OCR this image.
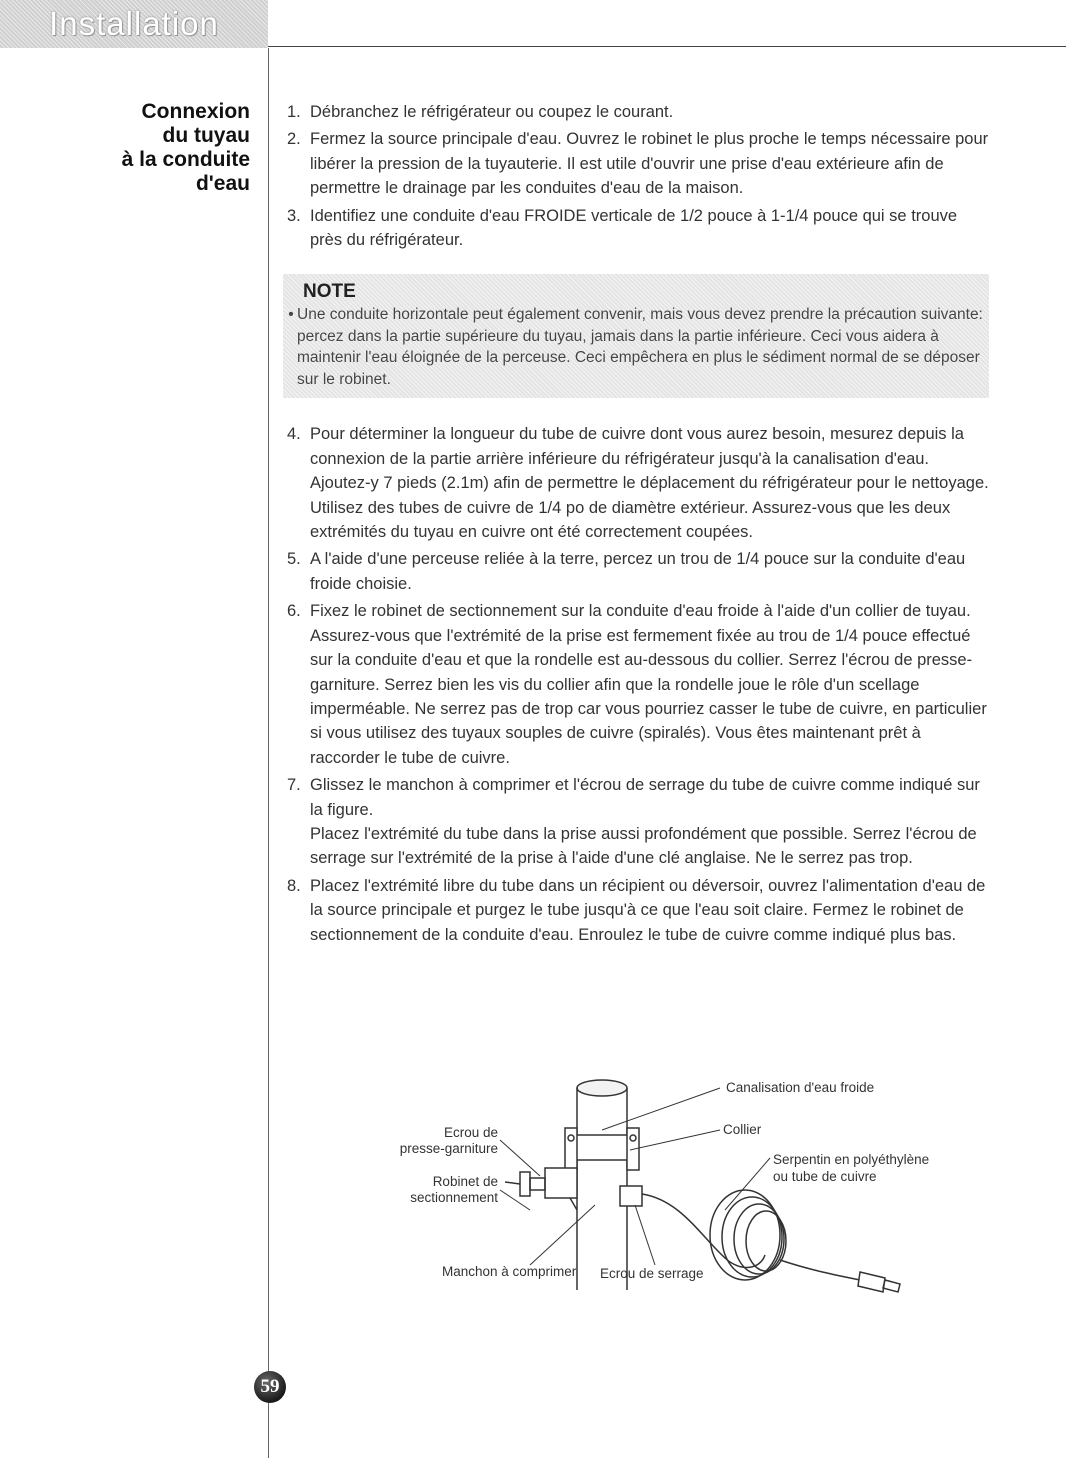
Installation
Connexion
du tuyau
à la conduite
d'eau
1. Débranchez le réfrigérateur ou coupez le courant.
2. Fermez la source principale d'eau. Ouvrez le robinet le plus proche le temps nécessaire pour libérer la pression de la tuyauterie. Il est utile d'ouvrir une prise d'eau extérieure afin de permettre le drainage par les conduites d'eau de la maison.
3. Identifiez une conduite d'eau FROIDE verticale de 1/2 pouce à 1-1/4 pouce qui se trouve près du réfrigérateur.
NOTE
• Une conduite horizontale peut également convenir, mais vous devez prendre la précaution suivante: percez dans la partie supérieure du tuyau, jamais dans la partie inférieure. Ceci vous aidera à maintenir l'eau éloignée de la perceuse. Ceci empêchera en plus le sédiment normal de se déposer sur le robinet.
4. Pour déterminer la longueur du tube de cuivre dont vous aurez besoin, mesurez depuis la connexion de la partie arrière inférieure du réfrigérateur jusqu'à la canalisation d'eau. Ajoutez-y 7 pieds (2.1m) afin de permettre le déplacement du réfrigérateur pour le nettoyage. Utilisez des tubes de cuivre de 1/4 po de diamètre extérieur. Assurez-vous que les deux extrémités du tuyau en cuivre ont été correctement coupées.
5. A l'aide d'une perceuse reliée à la terre, percez un trou de 1/4 pouce sur la conduite d'eau froide choisie.
6. Fixez le robinet de sectionnement sur la conduite d'eau froide à l'aide d'un collier de tuyau. Assurez-vous que l'extrémité de la prise est fermement fixée au trou de 1/4 pouce effectué sur la conduite d'eau et que la rondelle est au-dessous du collier. Serrez l'écrou de presse-garniture. Serrez bien les vis du collier afin que la rondelle joue le rôle d'un scellage imperméable. Ne serrez pas de trop car vous pourriez casser le tube de cuivre, en particulier si vous utilisez des tuyaux souples de cuivre (spiralés). Vous êtes maintenant prêt à raccorder le tube de cuivre.
7. Glissez le manchon à comprimer et l'écrou de serrage du tube de cuivre comme indiqué sur la figure.
Placez l'extrémité du tube dans la prise aussi profondément que possible. Serrez l'écrou de serrage sur l'extrémité de la prise à l'aide d'une clé anglaise. Ne le serrez pas trop.
8. Placez l'extrémité libre du tube dans un récipient ou déversoir, ouvrez l'alimentation d'eau de la source principale et purgez le tube jusqu'à ce que l'eau soit claire. Fermez le robinet de sectionnement de la conduite d'eau. Enroulez le tube de cuivre comme indiqué plus bas.
Canalisation d'eau froide
Collier
Serpentin en polyéthylène
ou tube de cuivre
Ecrou de
presse-garniture
Robinet de
sectionnement
Manchon à comprimer Ecrou de serrage
59
